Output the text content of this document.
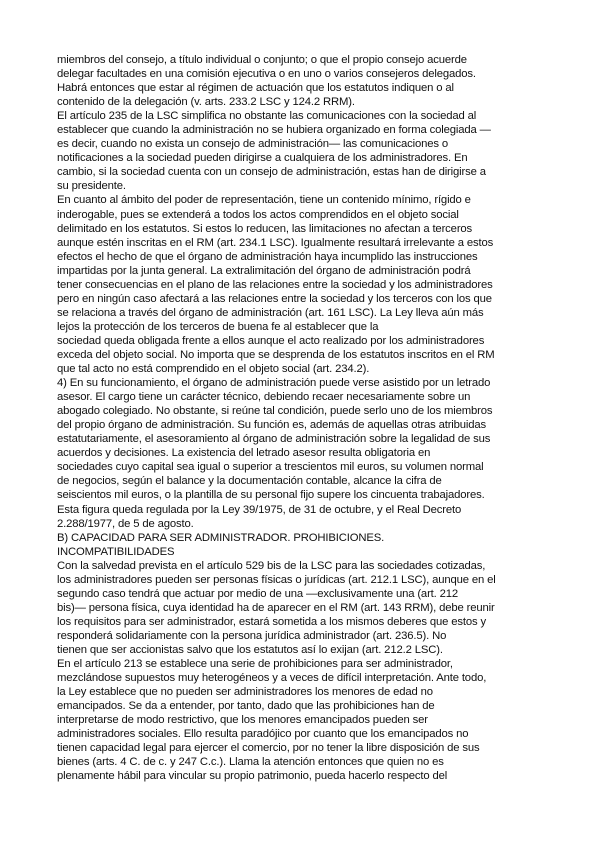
miembros del consejo, a título individual o conjunto; o que el propio consejo acuerde
delegar facultades en una comisión ejecutiva o en uno o varios consejeros delegados.
Habrá entonces que estar al régimen de actuación que los estatutos indiquen o al
contenido de la delegación (v. arts. 233.2 LSC y 124.2 RRM).
El artículo 235 de la LSC simplifica no obstante las comunicaciones con la sociedad al
establecer que cuando la administración no se hubiera organizado en forma colegiada —
es decir, cuando no exista un consejo de administración— las comunicaciones o
notificaciones a la sociedad pueden dirigirse a cualquiera de los administradores. En
cambio, si la sociedad cuenta con un consejo de administración, estas han de dirigirse a
su presidente.
En cuanto al ámbito del poder de representación, tiene un contenido mínimo, rígido e
inderogable, pues se extenderá a todos los actos comprendidos en el objeto social
delimitado en los estatutos. Si estos lo reducen, las limitaciones no afectan a terceros
aunque estén inscritas en el RM (art. 234.1 LSC). Igualmente resultará irrelevante a estos
efectos el hecho de que el órgano de administración haya incumplido las instrucciones
impartidas por la junta general. La extralimitación del órgano de administración podrá
tener consecuencias en el plano de las relaciones entre la sociedad y los administradores
pero en ningún caso afectará a las relaciones entre la sociedad y los terceros con los que
se relaciona a través del órgano de administración (art. 161 LSC). La Ley lleva aún más
lejos la protección de los terceros de buena fe al establecer que la
sociedad queda obligada frente a ellos aunque el acto realizado por los administradores
exceda del objeto social. No importa que se desprenda de los estatutos inscritos en el RM
que tal acto no está comprendido en el objeto social (art. 234.2).
4) En su funcionamiento, el órgano de administración puede verse asistido por un letrado
asesor. El cargo tiene un carácter técnico, debiendo recaer necesariamente sobre un
abogado colegiado. No obstante, si reúne tal condición, puede serlo uno de los miembros
del propio órgano de administración. Su función es, además de aquellas otras atribuidas
estatutariamente, el asesoramiento al órgano de administración sobre la legalidad de sus
acuerdos y decisiones. La existencia del letrado asesor resulta obligatoria en
sociedades cuyo capital sea igual o superior a trescientos mil euros, su volumen normal
de negocios, según el balance y la documentación contable, alcance la cifra de
seiscientos mil euros, o la plantilla de su personal fijo supere los cincuenta trabajadores.
Esta figura queda regulada por la Ley 39/1975, de 31 de octubre, y el Real Decreto
2.288/1977, de 5 de agosto.
B) CAPACIDAD PARA SER ADMINISTRADOR. PROHIBICIONES.
INCOMPATIBILIDADES
Con la salvedad prevista en el artículo 529 bis de la LSC para las sociedades cotizadas,
los administradores pueden ser personas físicas o jurídicas (art. 212.1 LSC), aunque en el
segundo caso tendrá que actuar por medio de una —exclusivamente una (art. 212
bis)— persona física, cuya identidad ha de aparecer en el RM (art. 143 RRM), debe reunir
los requisitos para ser administrador, estará sometida a los mismos deberes que estos y
responderá solidariamente con la persona jurídica administrador (art. 236.5). No
tienen que ser accionistas salvo que los estatutos así lo exijan (art. 212.2 LSC).
En el artículo 213 se establece una serie de prohibiciones para ser administrador,
mezclándose supuestos muy heterogéneos y a veces de difícil interpretación. Ante todo,
la Ley establece que no pueden ser administradores los menores de edad no
emancipados. Se da a entender, por tanto, dado que las prohibiciones han de
interpretarse de modo restrictivo, que los menores emancipados pueden ser
administradores sociales. Ello resulta paradójico por cuanto que los emancipados no
tienen capacidad legal para ejercer el comercio, por no tener la libre disposición de sus
bienes (arts. 4 C. de c. y 247 C.c.). Llama la atención entonces que quien no es
plenamente hábil para vincular su propio patrimonio, pueda hacerlo respecto del
